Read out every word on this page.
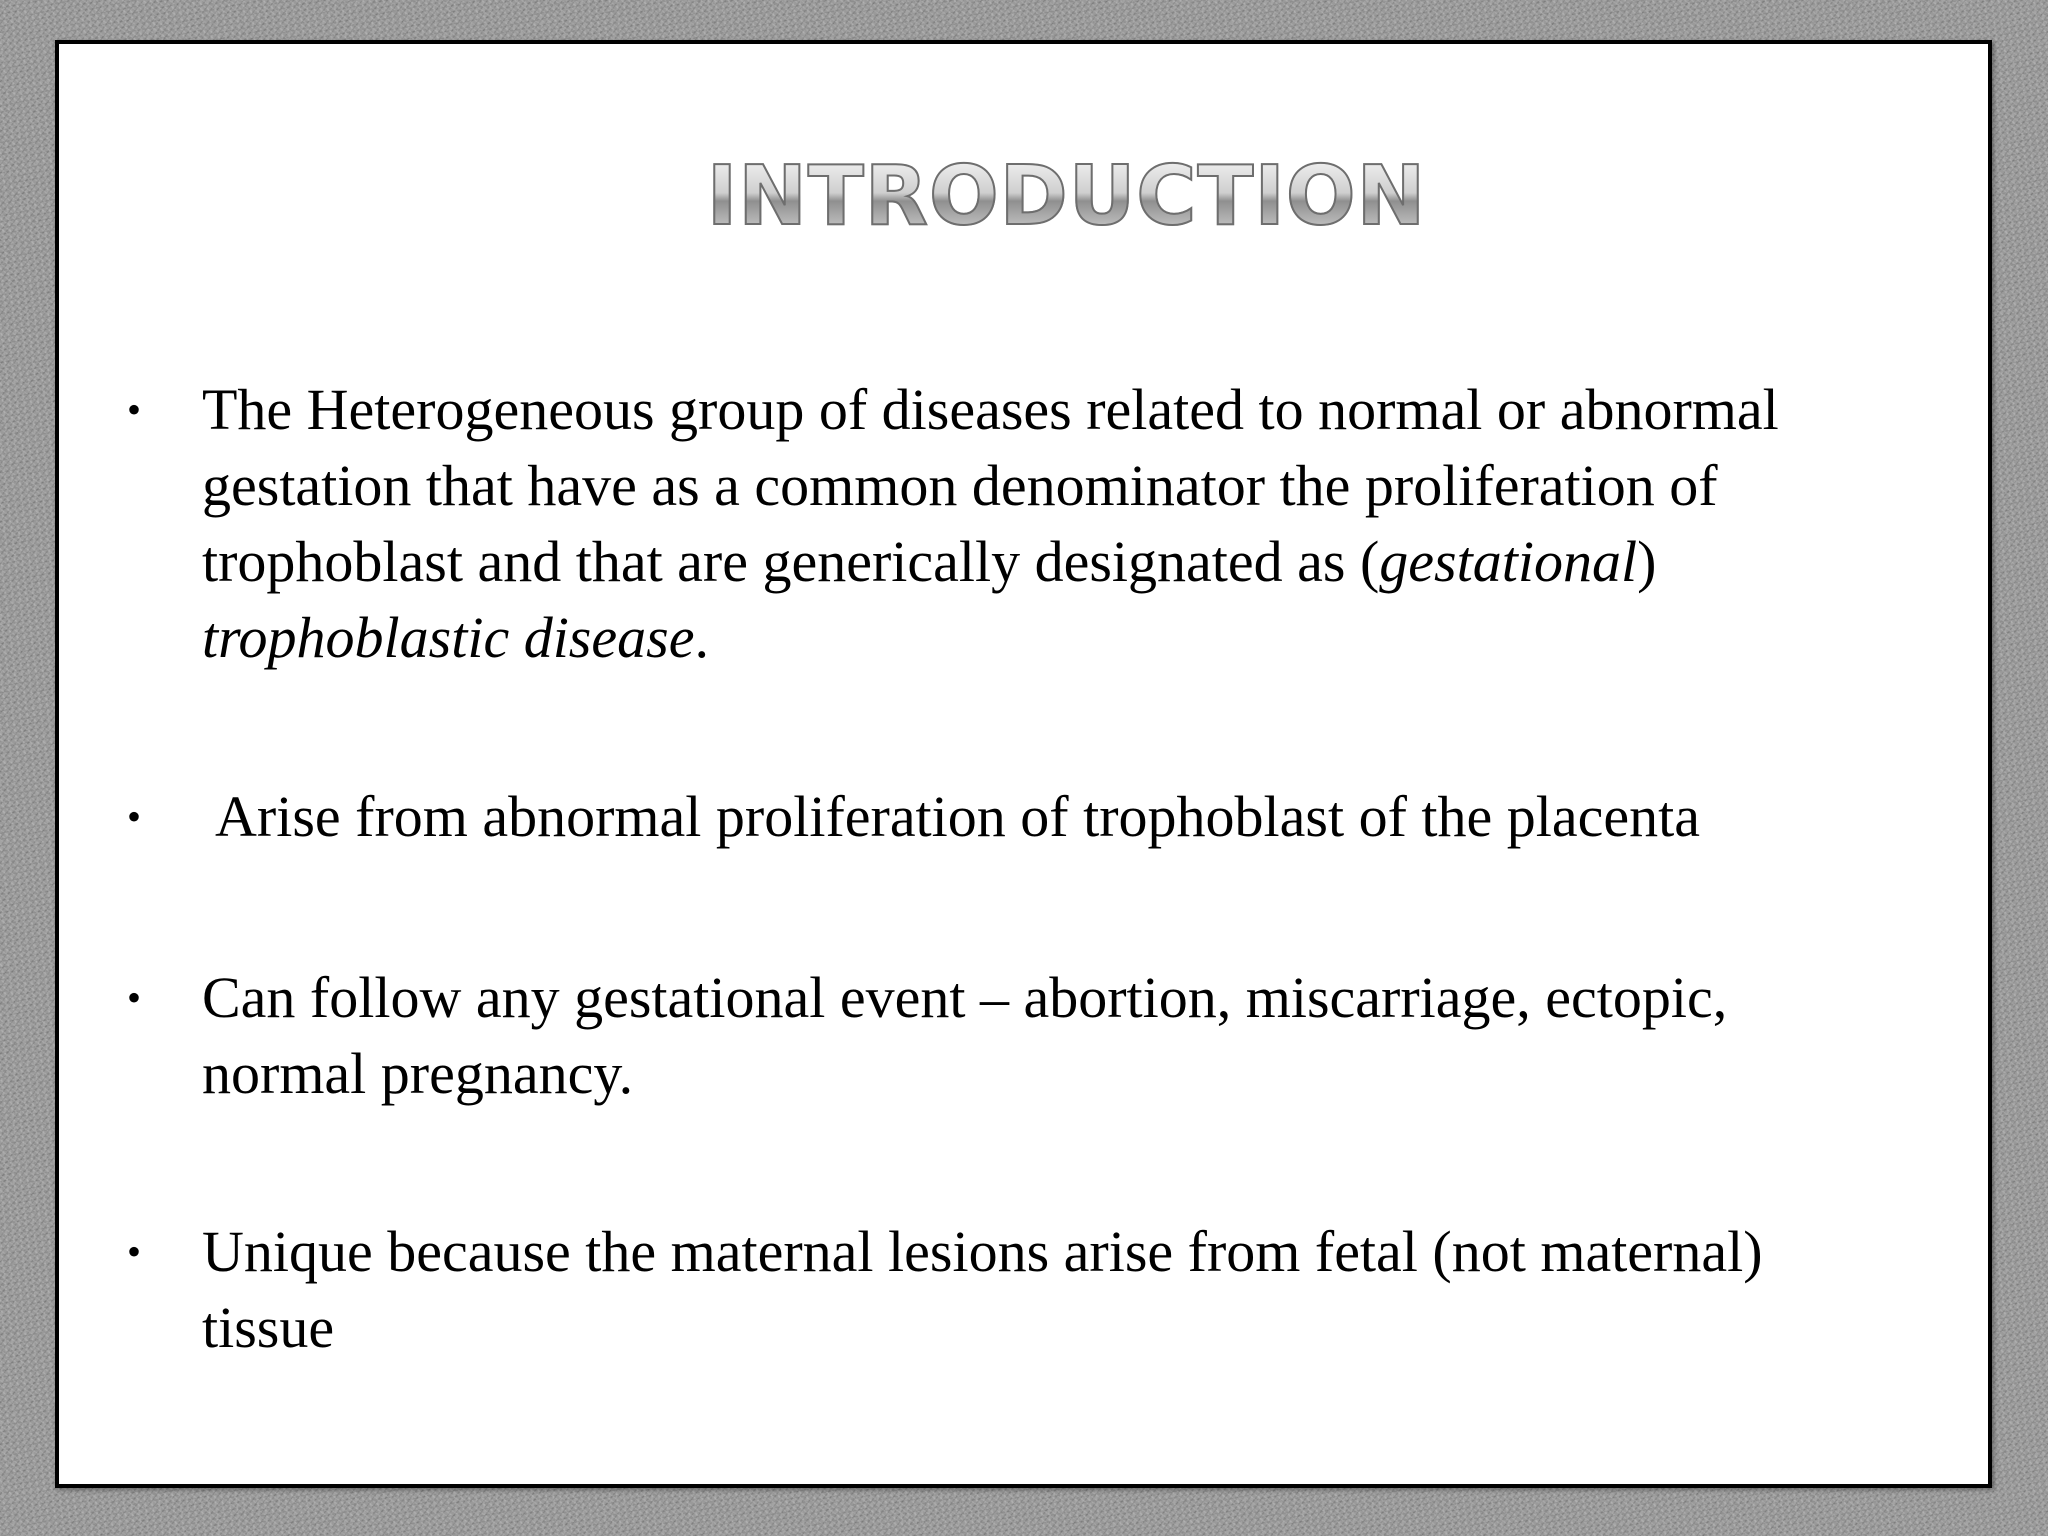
INTRODUCTION
• The Heterogeneous group of diseases related to normal or abnormal
gestation that have as a common denominator the proliferation of
trophoblast and that are generically designated as (gestational)
trophoblastic disease.
• Arise from abnormal proliferation of trophoblast of the placenta
• Can follow any gestational event – abortion, miscarriage, ectopic,
normal pregnancy.
• Unique because the maternal lesions arise from fetal (not maternal)
tissue
